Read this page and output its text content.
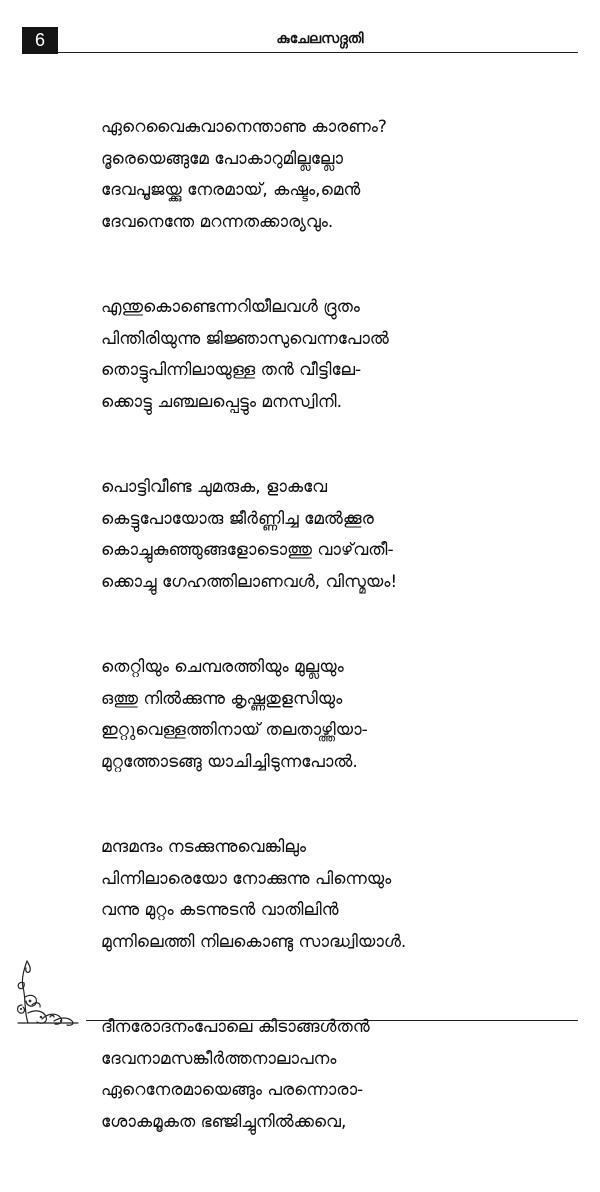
6	കുചേലസദ്ഗതി
ഏറെവൈകുവാനെന്താണു കാരണം?
ദൂരെയെങ്ങുമേ പോകാറുമില്ലല്ലോ
ദേവപൂജയ്ക്കു നേരമായ്, കഷ്ടം,മെൻ
ദേവനെന്തേ മറന്നതക്കാര്യവും.
എന്തുകൊണ്ടെന്നറിയീലവൾ ദ്രുതം
പിന്തിരിയുന്നു ജിജ്ഞാസുവെന്നപോൽ
തൊട്ടുപിന്നിലായുള്ള തൻ വീട്ടിലേ-
ക്കൊട്ടു ചഞ്ചലപ്പെട്ടും മനസ്വിനി.
പൊട്ടിവീണ്ട ചുമരുക, ളാകവേ
കെട്ടുപോയോരു ജീർണ്ണിച്ച മേൽക്കൂര
കൊച്ചുകുഞ്ഞുങ്ങളോടൊത്തു വാഴ്‌വതീ-
ക്കൊച്ചു ഗേഹത്തിലാണവൾ, വിസ്മയം!
തെറ്റിയും ചെമ്പരത്തിയും മുല്ലയും
ഒത്തു നിൽക്കുന്നു കൃഷ്ണതുളസിയും
ഇറ്റുവെള്ളത്തിനായ് തലതാഴ്ത്തിയാ-
മുറ്റത്തോടങ്ങു യാചിച്ചിടുന്നപോൽ.
മന്ദമന്ദം നടക്കുന്നുവെങ്കിലും
പിന്നിലാരെയോ നോക്കുന്നു പിന്നെയും
വന്നു മുറ്റം കടന്നുടൻ വാതിലിൻ
മുന്നിലെത്തി നിലകൊണ്ടു സാദ്ധ്വിയാൾ.
ദീനരോദനംപോലെ കിടാങ്ങൾതൻ
ദേവനാമസങ്കീർത്തനാലാപനം
ഏറെനേരമായെങ്ങും പരന്നൊരാ-
ശോകമൂകത ഭഞ്ജിച്ചുനിൽക്കവെ,
